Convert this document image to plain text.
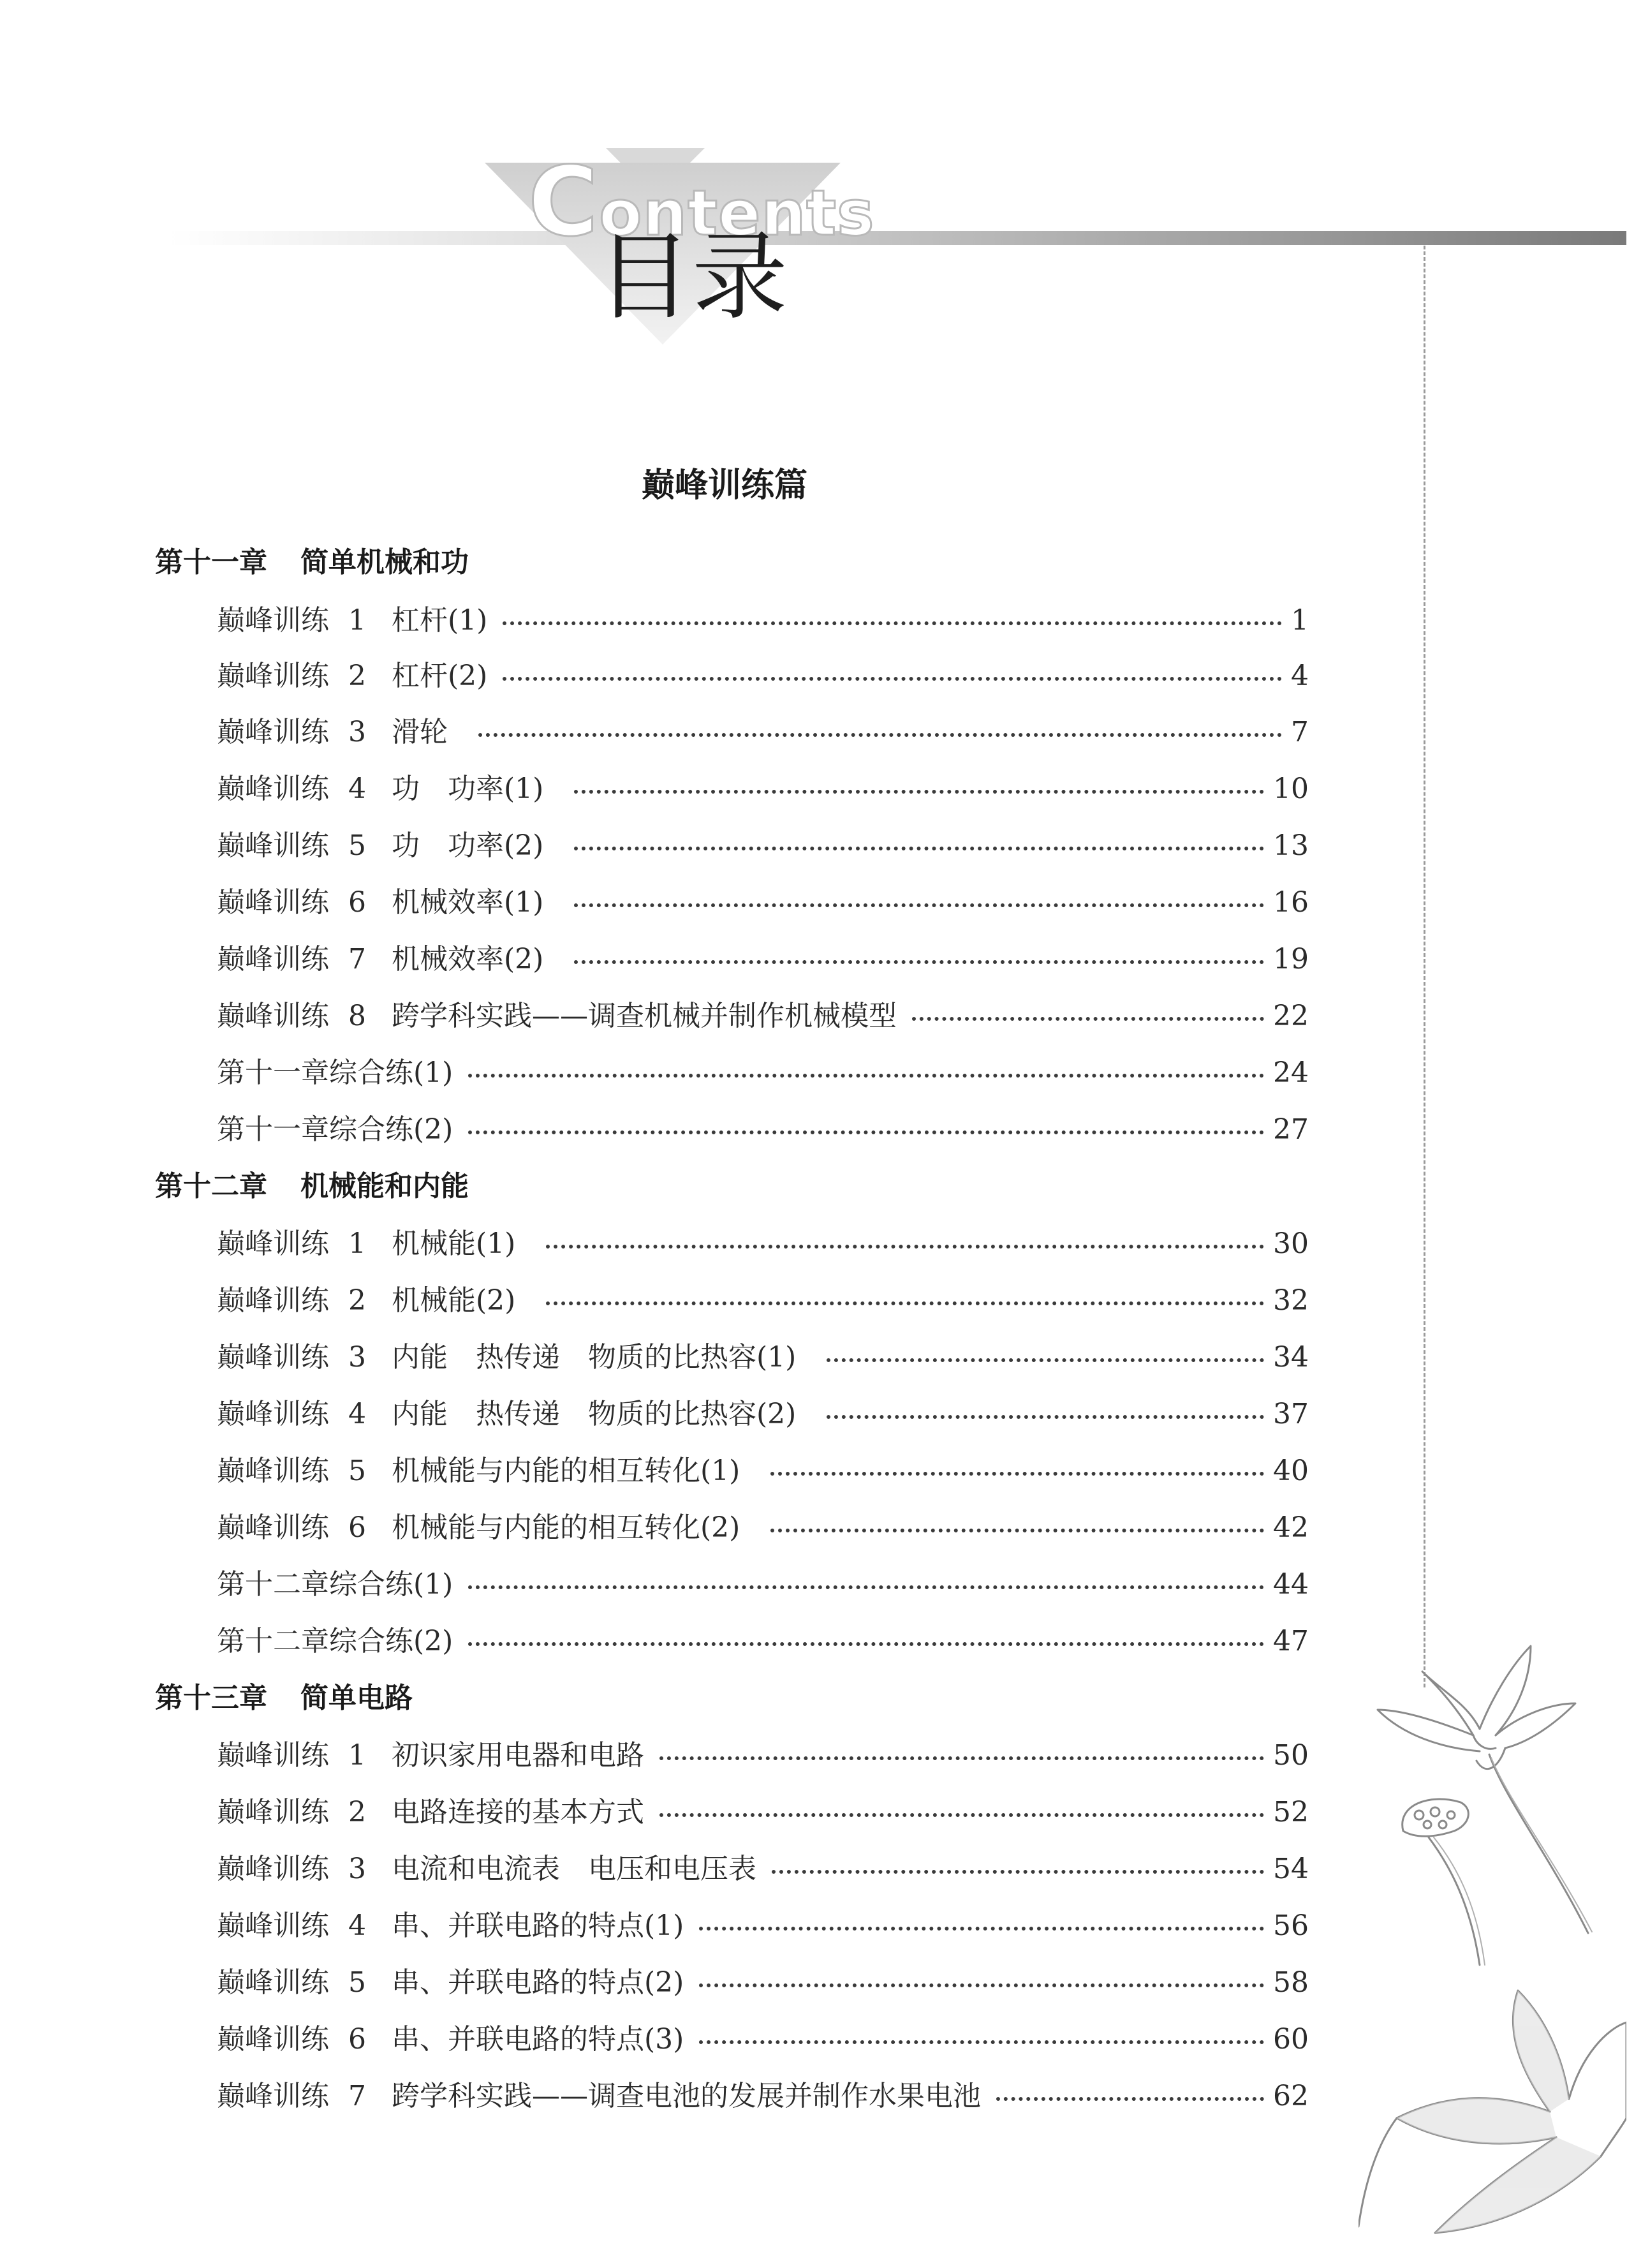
Contents
目录
巅峰训练篇
第十一章 简单机械和功
巅峰训练 1 杠杆(1)	1
巅峰训练 2 杠杆(2)	4
巅峰训练 3 滑轮	7
巅峰训练 4 功　功率(1)	10
巅峰训练 5 功　功率(2)	13
巅峰训练 6 机械效率(1)	16
巅峰训练 7 机械效率(2)	19
巅峰训练 8 跨学科实践——调查机械并制作机械模型	22
第十一章综合练(1)	24
第十一章综合练(2)	27
第十二章 机械能和内能
巅峰训练 1 机械能(1)	30
巅峰训练 2 机械能(2)	32
巅峰训练 3 内能　热传递　物质的比热容(1)	34
巅峰训练 4 内能　热传递　物质的比热容(2)	37
巅峰训练 5 机械能与内能的相互转化(1)	40
巅峰训练 6 机械能与内能的相互转化(2)	42
第十二章综合练(1)	44
第十二章综合练(2)	47
第十三章 简单电路
巅峰训练 1 初识家用电器和电路	50
巅峰训练 2 电路连接的基本方式	52
巅峰训练 3 电流和电流表　电压和电压表	54
巅峰训练 4 串、并联电路的特点(1)	56
巅峰训练 5 串、并联电路的特点(2)	58
巅峰训练 6 串、并联电路的特点(3)	60
巅峰训练 7 跨学科实践——调查电池的发展并制作水果电池	62
